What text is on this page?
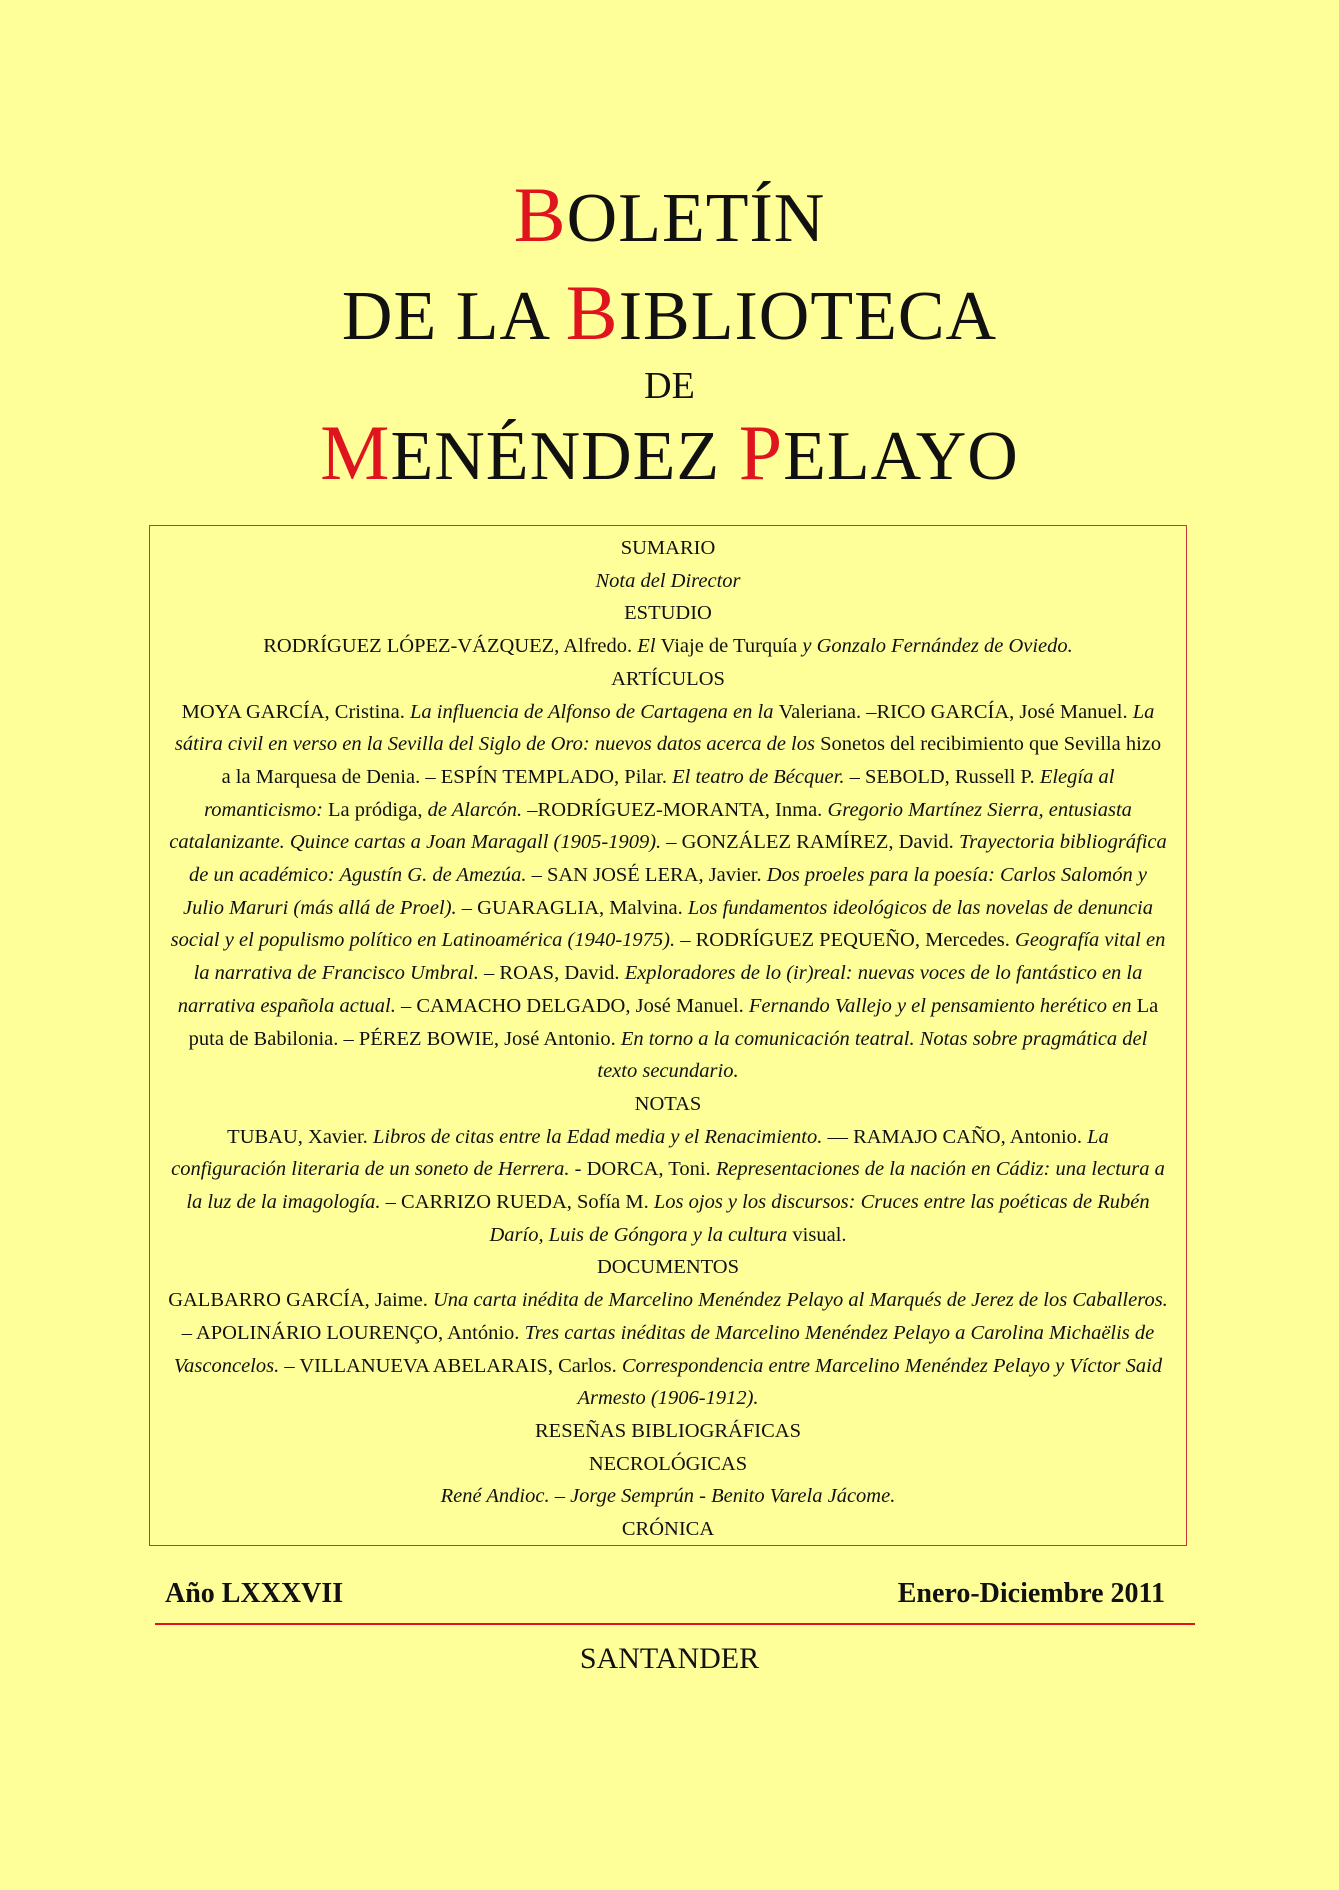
BOLETÍN
DE LA BIBLIOTECA
DE
MENÉNDEZ PELAYO
SUMARIO
Nota del Director
ESTUDIO
RODRÍGUEZ LÓPEZ-VÁZQUEZ, Alfredo. El Viaje de Turquía y Gonzalo Fernández de Oviedo.
ARTÍCULOS
MOYA GARCÍA, Cristina. La influencia de Alfonso de Cartagena en la Valeriana. –RICO GARCÍA, José Manuel. La sátira civil en verso en la Sevilla del Siglo de Oro: nuevos datos acerca de los Sonetos del recibimiento que Sevilla hizo a la Marquesa de Denia. – ESPÍN TEMPLADO, Pilar. El teatro de Bécquer. – SEBOLD, Russell P. Elegía al romanticismo: La pródiga, de Alarcón. –RODRÍGUEZ-MORANTA, Inma. Gregorio Martínez Sierra, entusiasta catalanizante. Quince cartas a Joan Maragall (1905-1909). – GONZÁLEZ RAMÍREZ, David. Trayectoria bibliográfica de un académico: Agustín G. de Amezúa. – SAN JOSÉ LERA, Javier. Dos proeles para la poesía: Carlos Salomón y Julio Maruri (más allá de Proel). – GUARAGLIA, Malvina. Los fundamentos ideológicos de las novelas de denuncia social y el populismo político en Latinoamérica (1940-1975). – RODRÍGUEZ PEQUEÑO, Mercedes. Geografía vital en la narrativa de Francisco Umbral. – ROAS, David. Exploradores de lo (ir)real: nuevas voces de lo fantástico en la narrativa española actual. – CAMACHO DELGADO, José Manuel. Fernando Vallejo y el pensamiento herético en La puta de Babilonia. – PÉREZ BOWIE, José Antonio. En torno a la comunicación teatral. Notas sobre pragmática del texto secundario.
NOTAS
TUBAU, Xavier. Libros de citas entre la Edad media y el Renacimiento. — RAMAJO CAÑO, Antonio. La configuración literaria de un soneto de Herrera. - DORCA, Toni. Representaciones de la nación en Cádiz: una lectura a la luz de la imagología. – CARRIZO RUEDA, Sofía M. Los ojos y los discursos: Cruces entre las poéticas de Rubén Darío, Luis de Góngora y la cultura visual.
DOCUMENTOS
GALBARRO GARCÍA, Jaime. Una carta inédita de Marcelino Menéndez Pelayo al Marqués de Jerez de los Caballeros. – APOLINÁRIO LOURENÇO, António. Tres cartas inéditas de Marcelino Menéndez Pelayo a Carolina Michaëlis de Vasconcelos. – VILLANUEVA ABELARAIS, Carlos. Correspondencia entre Marcelino Menéndez Pelayo y Víctor Said Armesto (1906-1912).
RESEÑAS BIBLIOGRÁFICAS
NECROLÓGICAS
René Andioc. – Jorge Semprún - Benito Varela Jácome.
CRÓNICA
Año LXXXVII	Enero-Diciembre 2011
SANTANDER
